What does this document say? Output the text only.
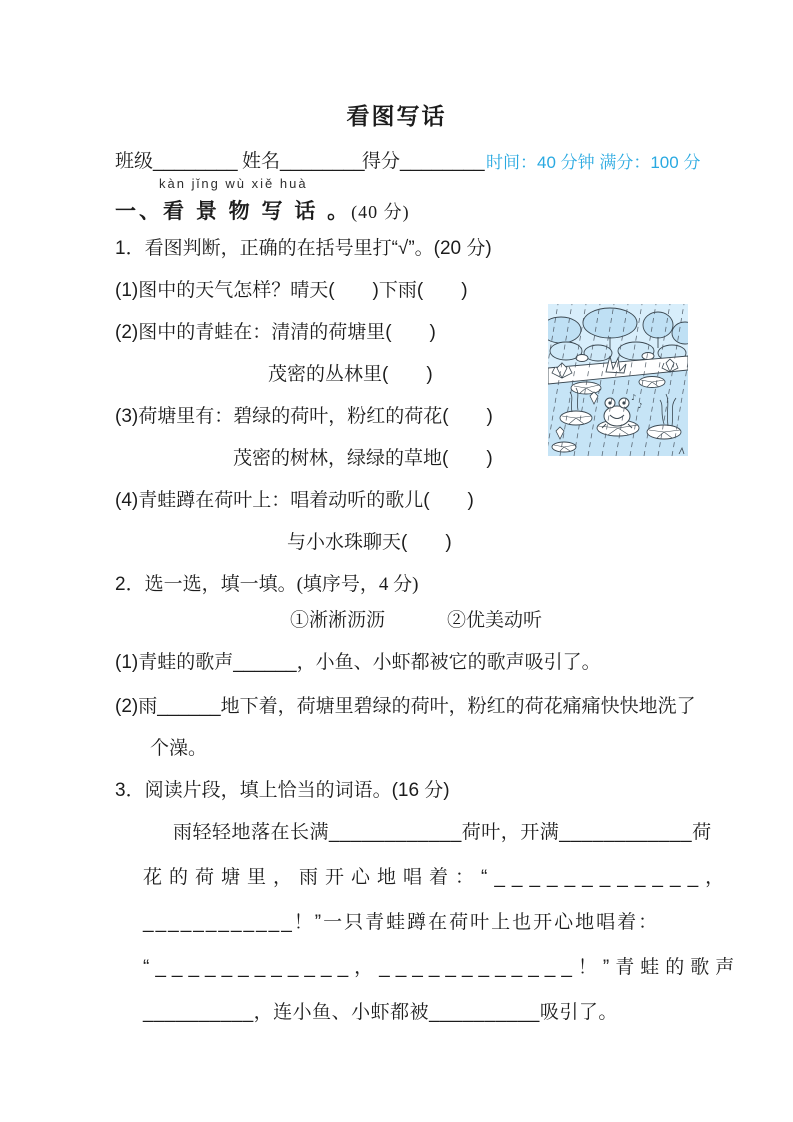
看图写话
班级________ 姓名________
得分________ 时间：40 分钟 满分：100 分
kàn jǐng wù xiě huà
一、看 景 物 写 话 。(40 分)
1．看图判断，正确的在括号里打“√”。(20 分)
(1)图中的天气怎样？晴天(　　)下雨(　　)
(2)图中的青蛙在：清清的荷塘里(　　)
茂密的丛林里(　　)
(3)荷塘里有：碧绿的荷叶，粉红的荷花(　　)
茂密的树林，绿绿的草地(　　)
(4)青蛙蹲在荷叶上：唱着动听的歌儿(　　)
与小水珠聊天(　　)
2．选一选，填一填。(填序号，4 分)
①淅淅沥沥	②优美动听
(1)青蛙的歌声______，小鱼、小虾都被它的歌声吸引了。
(2)雨______地下着，荷塘里碧绿的荷叶，粉红的荷花痛痛快快地洗了
个澡。
3．阅读片段，填上恰当的词语。(16 分)
雨轻轻地落在长满____________荷叶，开满____________荷
花的荷塘里，雨开心地唱着：“____________，
____________！”一只青蛙蹲在荷叶上也开心地唱着：
“____________，____________！”青蛙的歌声
__________，连小鱼、小虾都被__________吸引了。
♪
♪
